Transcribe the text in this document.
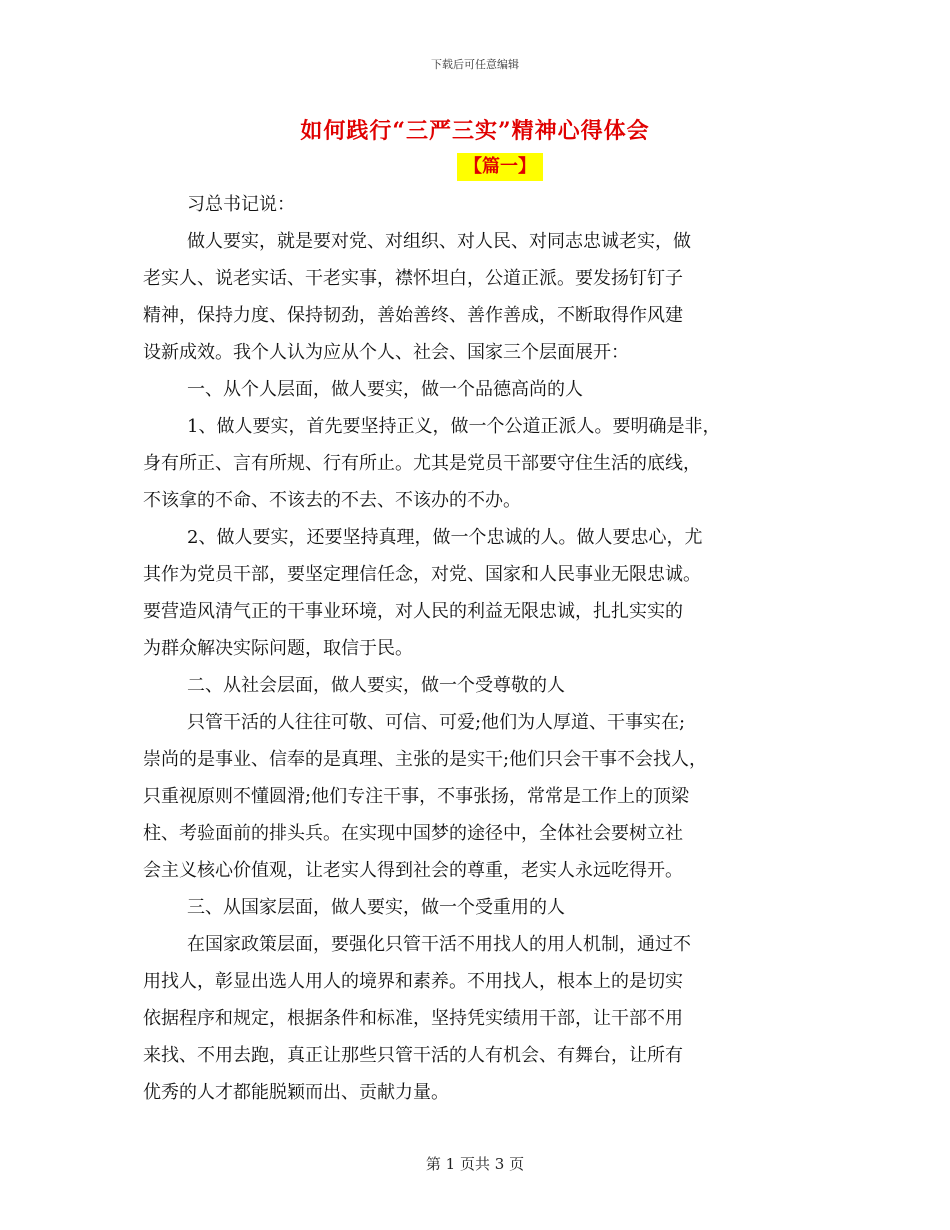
下载后可任意编辑
如何践行“三严三实”精神心得体会
【篇一】

习总书记说：

做人要实，就是要对党、对组织、对人民、对同志忠诚老实，做

老实人、说老实话、干老实事，襟怀坦白，公道正派。要发扬钉钉子

精神，保持力度、保持韧劲，善始善终、善作善成，不断取得作风建

设新成效。我个人认为应从个人、社会、国家三个层面展开：

一、从个人层面，做人要实，做一个品德高尚的人

1、做人要实，首先要坚持正义，做一个公道正派人。要明确是非，

身有所正、言有所规、行有所止。尤其是党员干部要守住生活的底线，

不该拿的不命、不该去的不去、不该办的不办。

2、做人要实，还要坚持真理，做一个忠诚的人。做人要忠心，尤

其作为党员干部，要坚定理信任念，对党、国家和人民事业无限忠诚。

要营造风清气正的干事业环境，对人民的利益无限忠诚，扎扎实实的

为群众解决实际问题，取信于民。

二、从社会层面，做人要实，做一个受尊敬的人

只管干活的人往往可敬、可信、可爱;他们为人厚道、干事实在;

崇尚的是事业、信奉的是真理、主张的是实干;他们只会干事不会找人，

只重视原则不懂圆滑;他们专注干事，不事张扬，常常是工作上的顶梁

柱、考验面前的排头兵。在实现中国梦的途径中，全体社会要树立社

会主义核心价值观，让老实人得到社会的尊重，老实人永远吃得开。

三、从国家层面，做人要实，做一个受重用的人

在国家政策层面，要强化只管干活不用找人的用人机制，通过不

用找人，彰显出选人用人的境界和素养。不用找人，根本上的是切实

依据程序和规定，根据条件和标准，坚持凭实绩用干部，让干部不用

来找、不用去跑，真正让那些只管干活的人有机会、有舞台，让所有

优秀的人才都能脱颖而出、贡献力量。

第 1 页共 3 页
